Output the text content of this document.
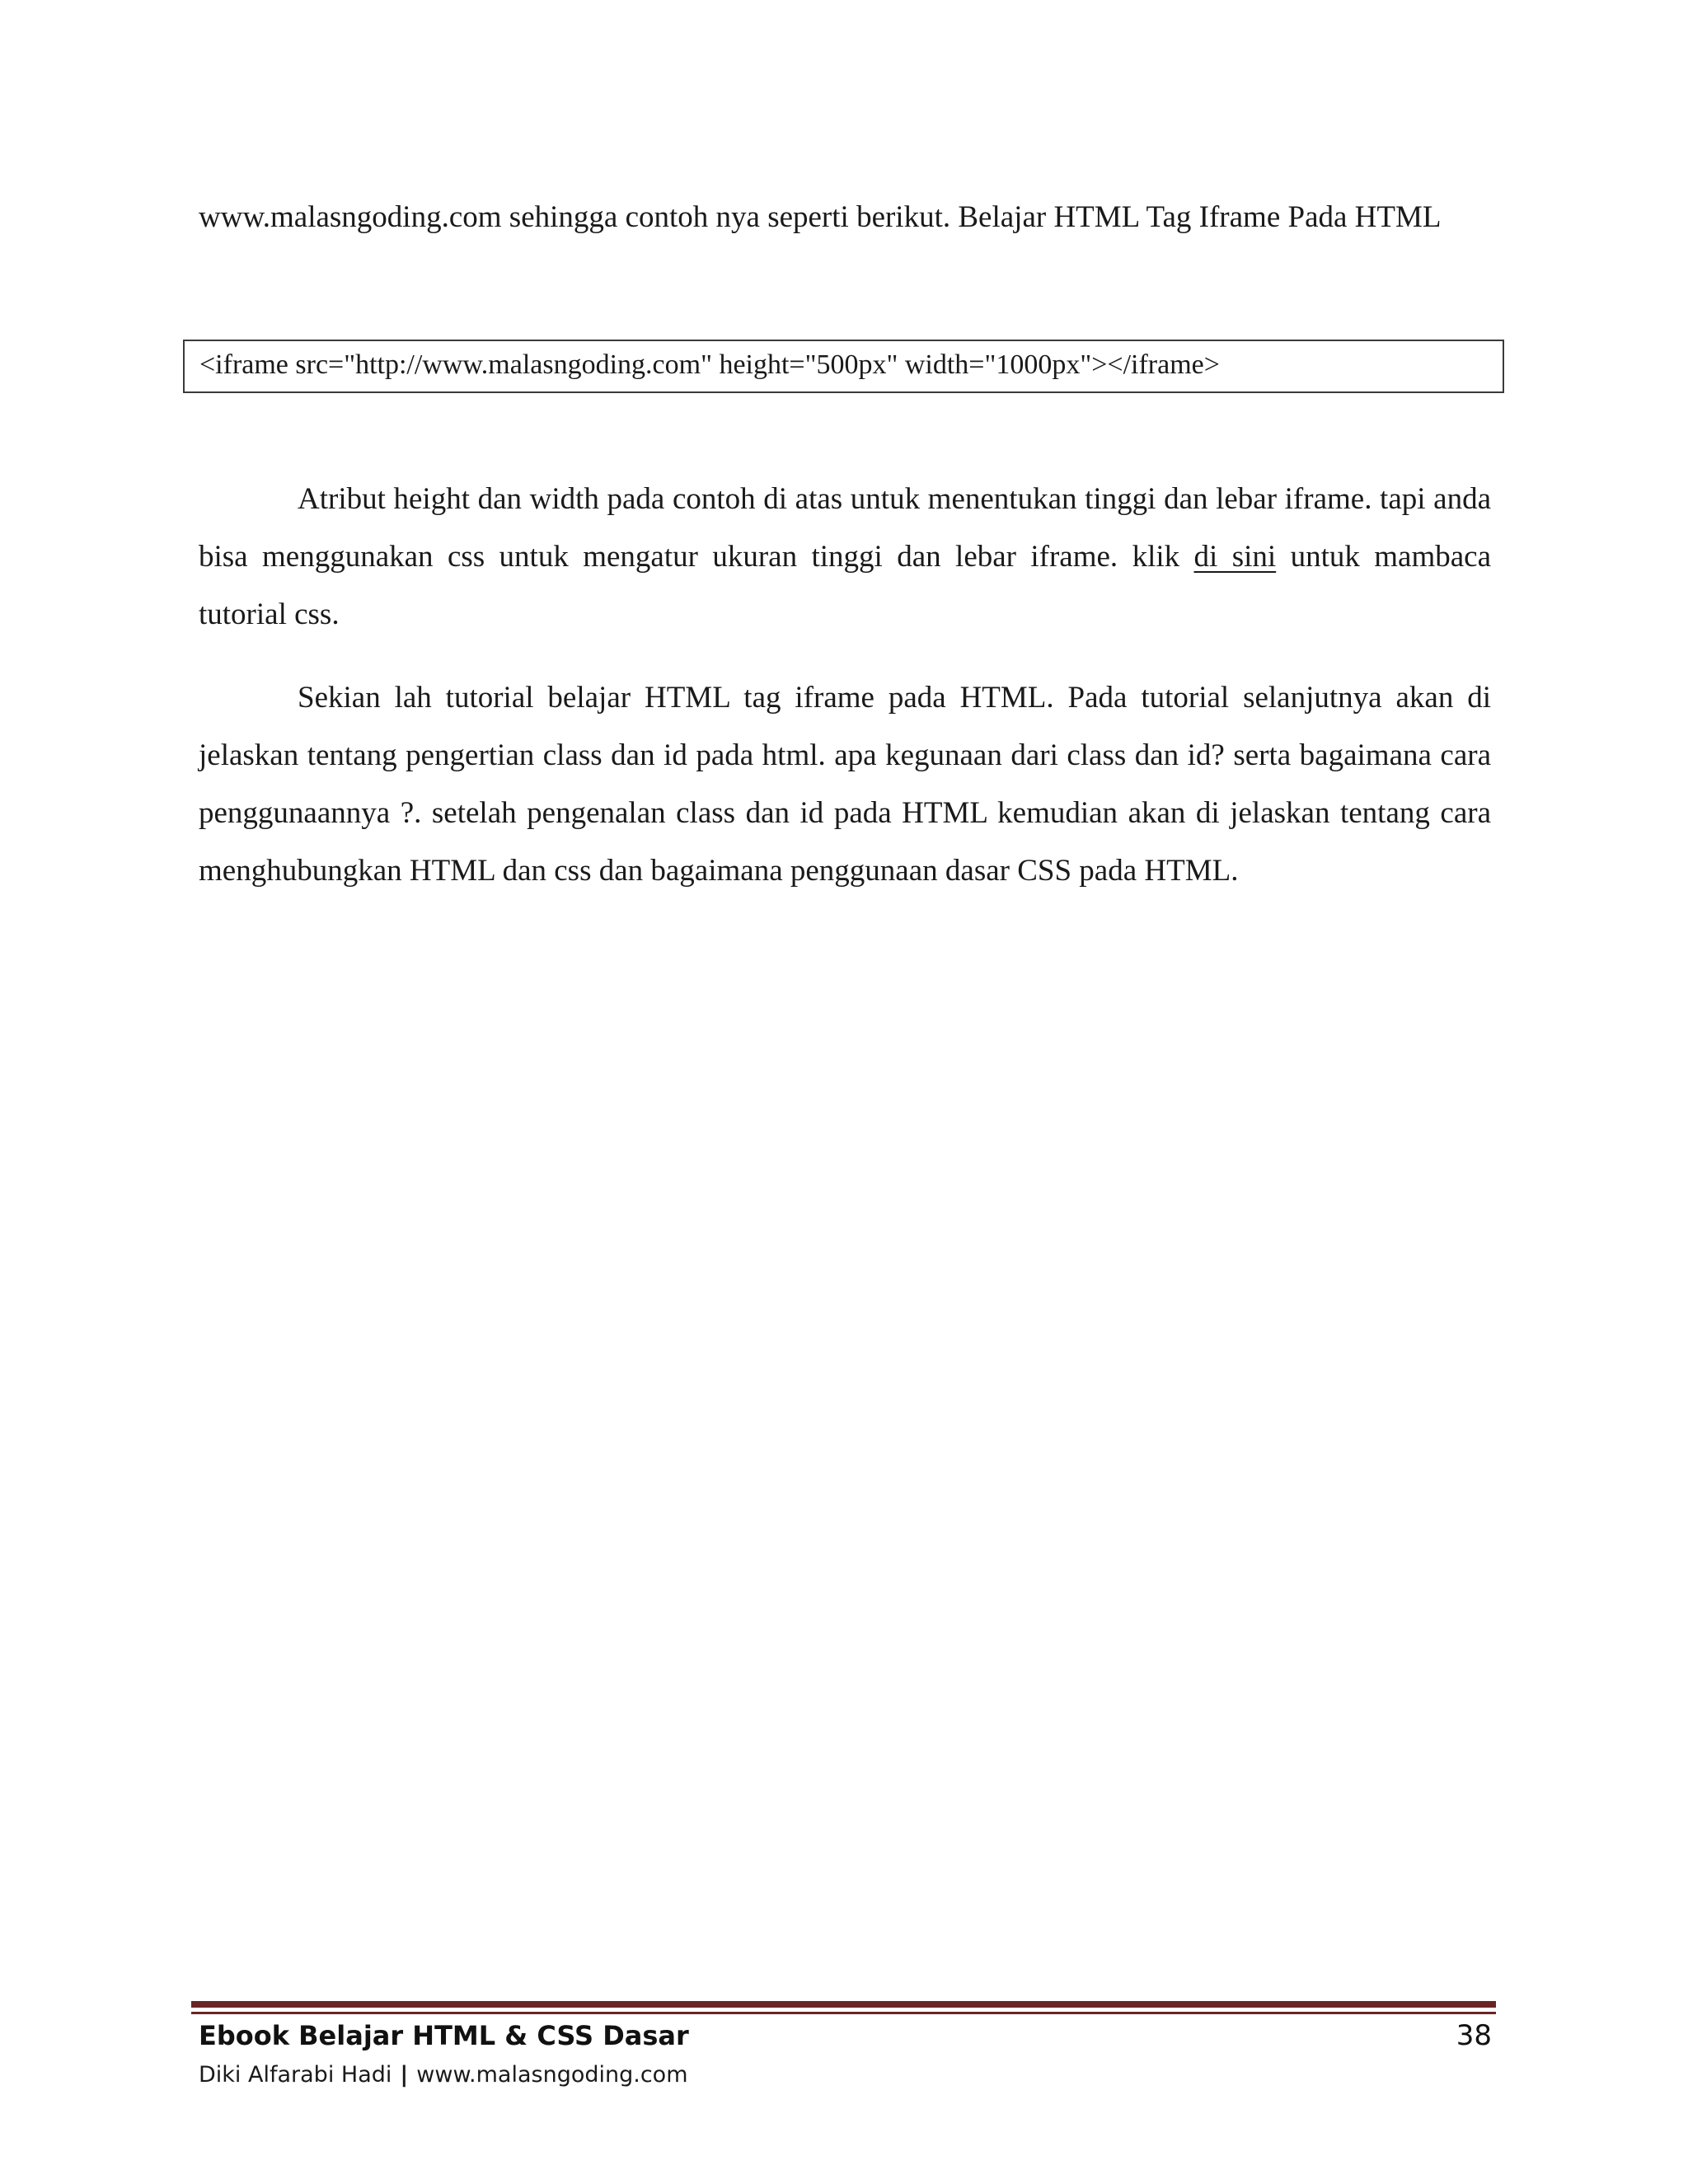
www.malasngoding.com sehingga contoh nya seperti berikut. Belajar HTML Tag Iframe Pada HTML

<iframe src="http://www.malasngoding.com" height="500px" width="1000px"></iframe>

Atribut height dan width pada contoh di atas untuk menentukan tinggi dan lebar iframe. tapi anda bisa menggunakan css untuk mengatur ukuran tinggi dan lebar iframe. klik di sini untuk mambaca tutorial css.

Sekian lah tutorial belajar HTML tag iframe pada HTML. Pada tutorial selanjutnya akan di jelaskan tentang pengertian class dan id pada html. apa kegunaan dari class dan id? serta bagaimana cara penggunaannya ?. setelah pengenalan class dan id pada HTML kemudian akan di jelaskan tentang cara menghubungkan HTML dan css dan bagaimana penggunaan dasar CSS pada HTML.

Ebook Belajar HTML & CSS Dasar	38

Diki Alfarabi Hadi | www.malasngoding.com
